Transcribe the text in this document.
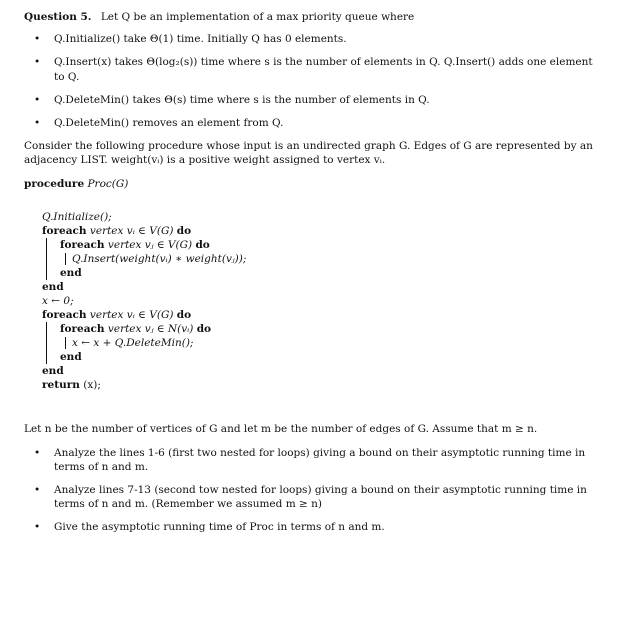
Question 5. Let Q be an implementation of a max priority queue where
• Q.Initialize() take Θ(1) time. Initially Q has 0 elements.
• Q.Insert(x) takes Θ(log₂(s)) time where s is the number of elements in Q. Q.Insert() adds one element to Q.
• Q.DeleteMin() takes Θ(s) time where s is the number of elements in Q.
• Q.DeleteMin() removes an element from Q.
Consider the following procedure whose input is an undirected graph G. Edges of G are represented by an adjacency LIST. weight(vᵢ) is a positive weight assigned to vertex vᵢ.
procedure Proc(G)
Q.Initialize();
foreach vertex vᵢ ∈ V(G) do
foreach vertex vⱼ ∈ V(G) do
Q.Insert(weight(vᵢ) ∗ weight(vⱼ));
end
end
x ← 0;
foreach vertex vᵢ ∈ V(G) do
foreach vertex vⱼ ∈ N(vᵢ) do
x ← x + Q.DeleteMin();
end
end
return (x);
Let n be the number of vertices of G and let m be the number of edges of G. Assume that m ≥ n.
• Analyze the lines 1-6 (first two nested for loops) giving a bound on their asymptotic running time in terms of n and m.
• Analyze lines 7-13 (second tow nested for loops) giving a bound on their asymptotic running time in terms of n and m. (Remember we assumed m ≥ n)
• Give the asymptotic running time of Proc in terms of n and m.
